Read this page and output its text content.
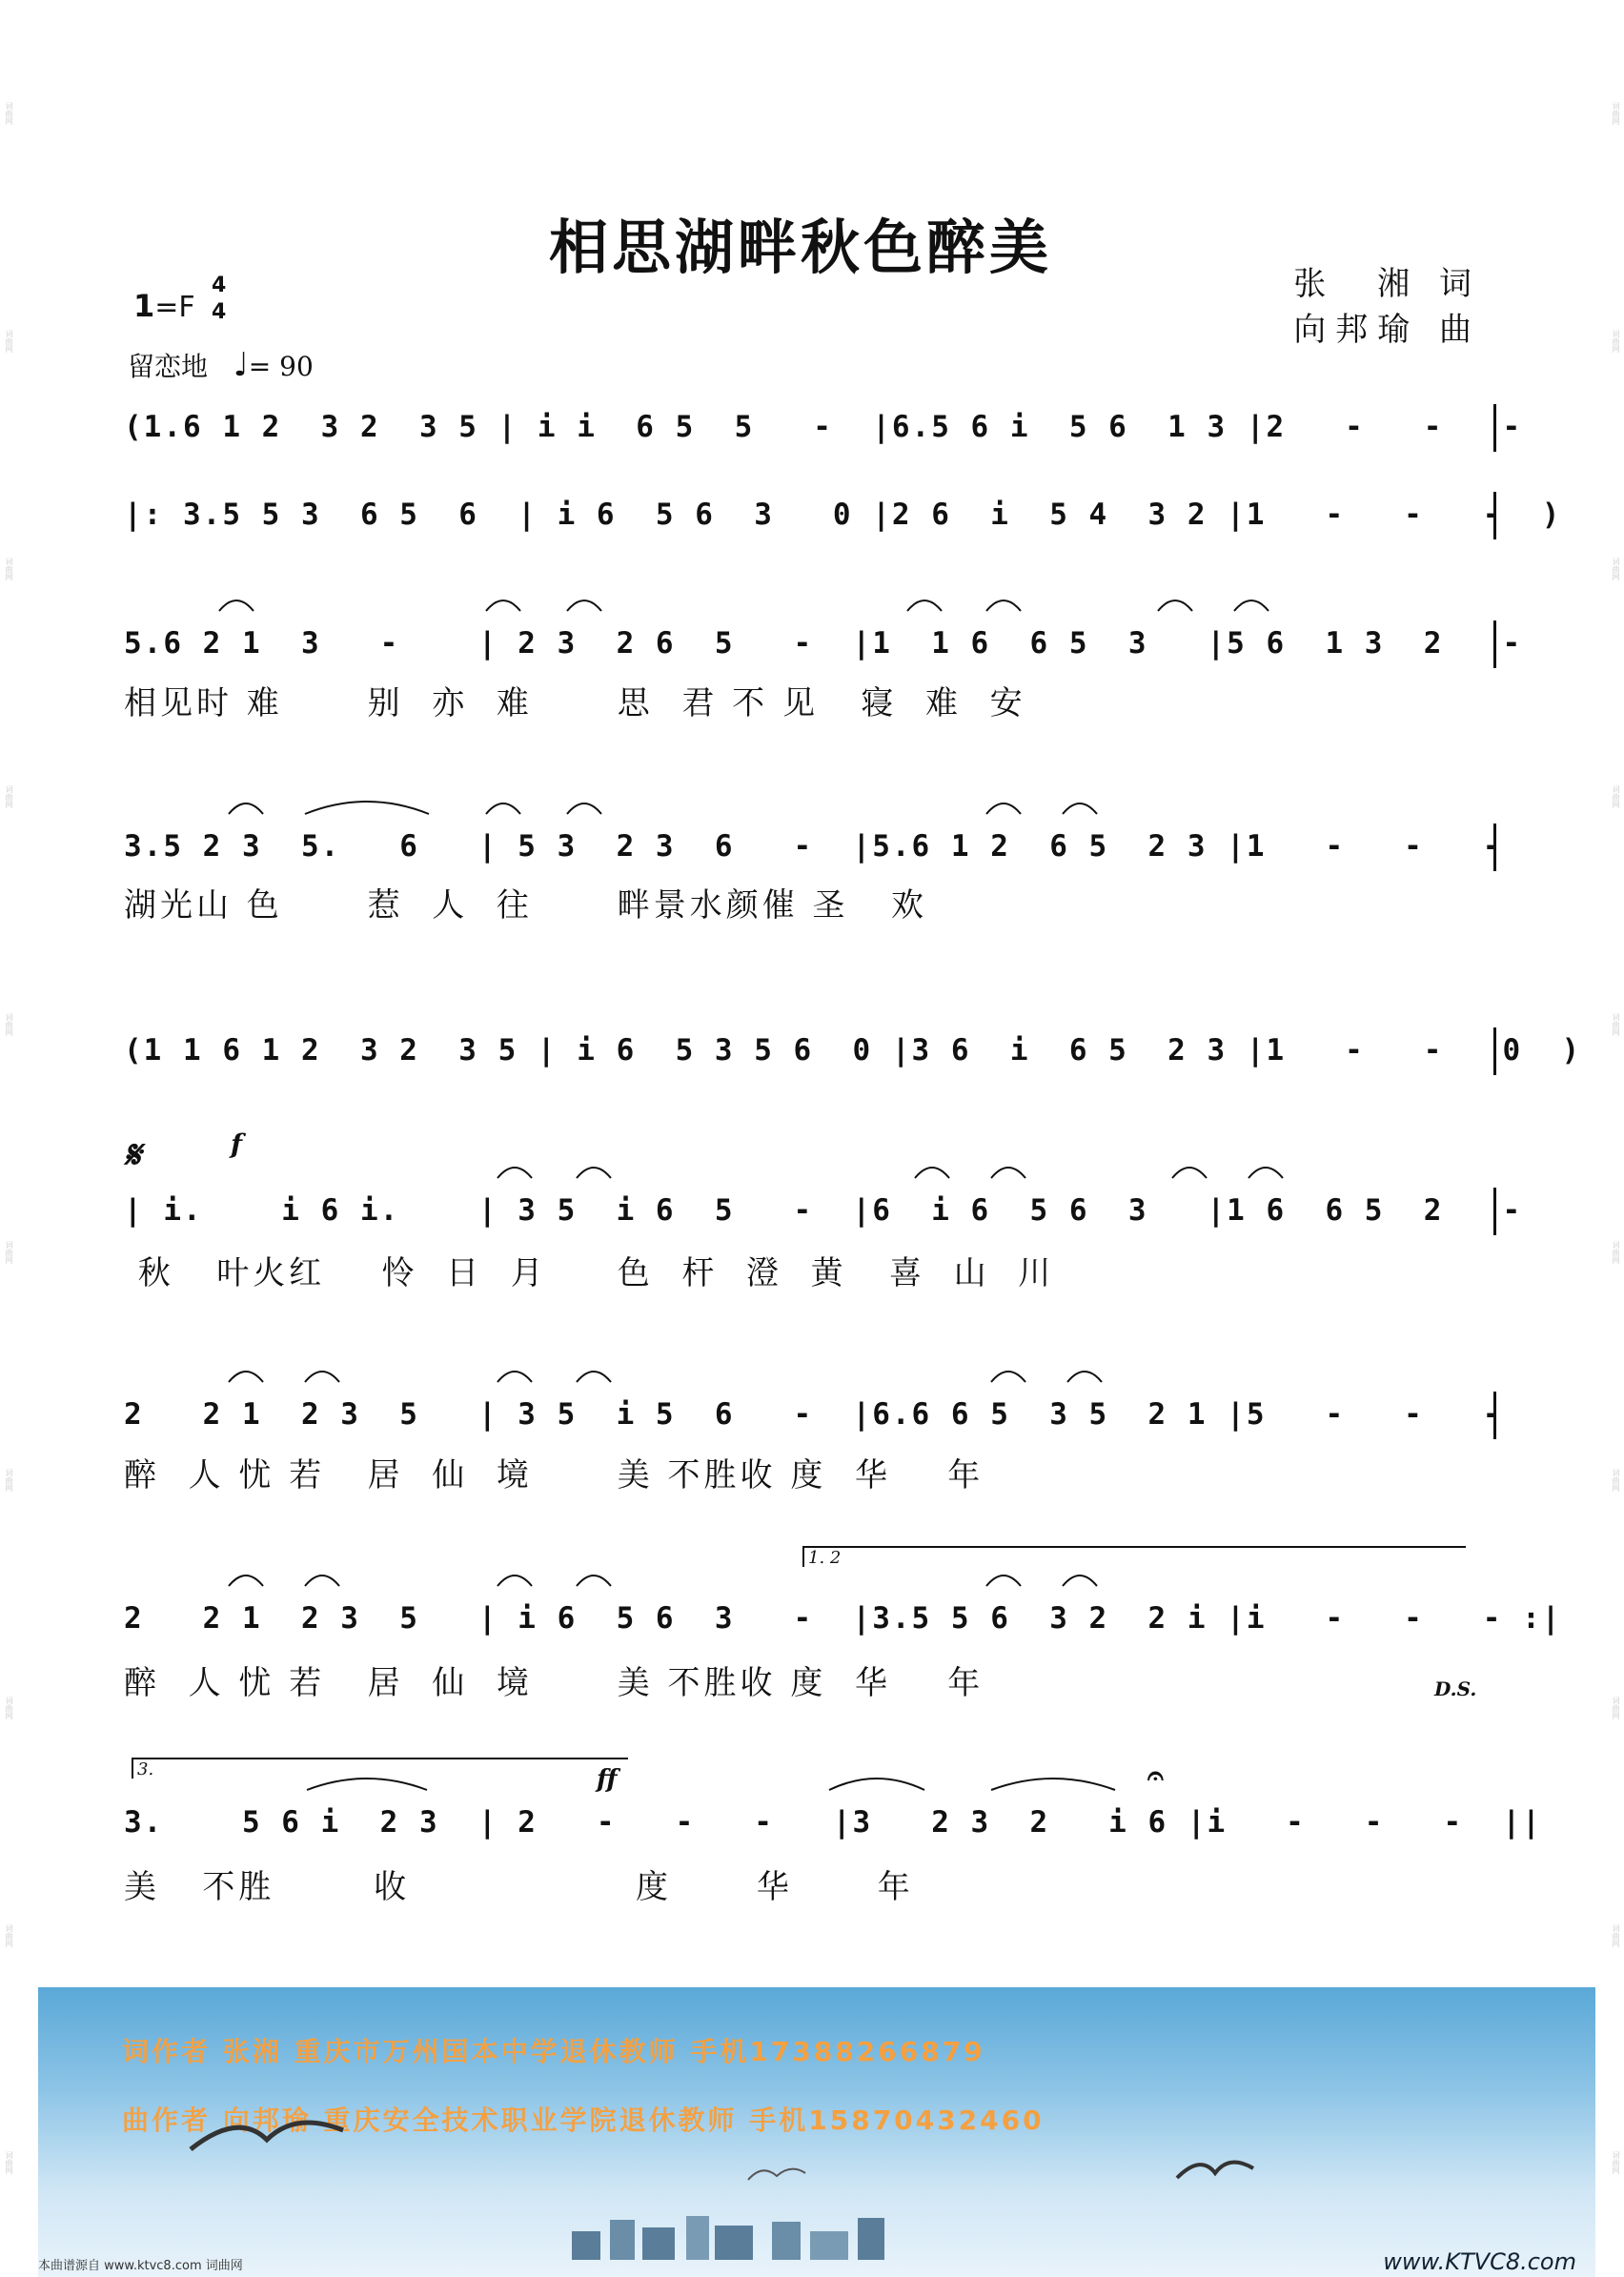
词曲网
词曲网
词曲网
词曲网
词曲网
词曲网
词曲网
词曲网
词曲网
词曲网
词曲网
词曲网
词曲网
词曲网
词曲网
词曲网
词曲网
词曲网
词曲网
词曲网
相思湖畔秋色醉美
张　湘 词
向邦瑜 曲
1=F
4
4
留恋地 ♩= 90
(1.6 1 2  3 2  3 5 | i i  6 5  5   -  |6.5 6 i  5 6  1 3 |2   -   -   -
|: 3.5 5 3  6 5  6  | i 6  5 6  3   0 |2 6  i  5 4  3 2 |1   -   -   -  )
5.6 2 1  3   -    | 2 3  2 6  5   -  |1  1 6  6 5  3   |5 6  1 3  2   -
相见时 难      别  亦  难      思  君 不 见   寝  难  安
3.5 2 3  5.   6   | 5 3  2 3  6   -  |5.6 1 2  6 5  2 3 |1   -   -   -
湖光山 色      惹  人  往      畔景水颜催 圣   欢
(1 1 6 1 2  3 2  3 5 | i 6  5 3 5 6  0 |3 6  i  6 5  2 3 |1   -   -   0  )
𝄋	f
| i.    i 6 i.    | 3 5  i 6  5   -  |6  i 6  5 6  3   |1 6  6 5  2   -
秋   叶火红    怜  日  月     色  杆  澄  黄   喜  山  川
2   2 1  2 3  5   | 3 5  i 5  6   -  |6.6 6 5  3 5  2 1 |5   -   -   -
醉  人 忧 若   居  仙  境      美 不胜收 度  华    年
1. 2
2   2 1  2 3  5   | i 6  5 6  3   -  |3.5 5 6  3 2  2 i |i   -   -   - :|
醉  人 忧 若   居  仙  境      美 不胜收 度  华    年	D.S.
3.	ff	𝄐
3.    5 6 i  2 3  | 2   -   -   -   |3   2 3  2   i 6 |i   -   -   -  ||
美   不胜       收                度      华      年
词作者 张湘 重庆市万州国本中学退休教师 手机17388266879
曲作者 向邦瑜 重庆安全技术职业学院退休教师 手机15870432460
本曲谱源自 www.ktvc8.com 词曲网	www.KTVC8.com
